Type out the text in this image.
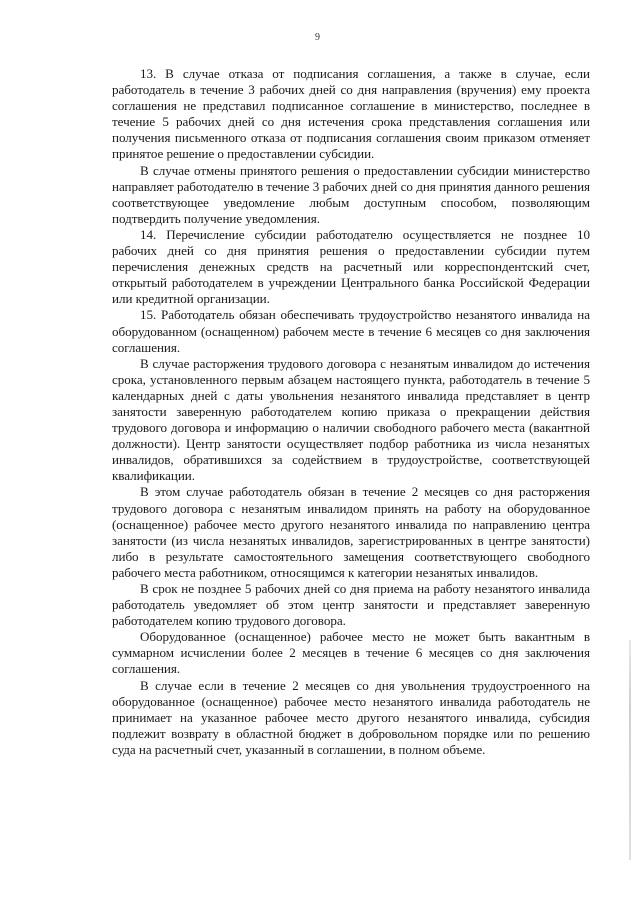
9

13. В случае отказа от подписания соглашения, а также в случае, если работодатель в течение 3 рабочих дней со дня направления (вручения) ему проекта соглашения не представил подписанное соглашение в министерство, последнее в течение 5 рабочих дней со дня истечения срока представления соглашения или получения письменного отказа от подписания соглашения своим приказом отменяет принятое решение о предоставлении субсидии.

В случае отмены принятого решения о предоставлении субсидии министерство направляет работодателю в течение 3 рабочих дней со дня принятия данного решения соответствующее уведомление любым доступным способом, позволяющим подтвердить получение уведомления.

14. Перечисление субсидии работодателю осуществляется не позднее 10 рабочих дней со дня принятия решения о предоставлении субсидии путем перечисления денежных средств на расчетный или корреспондентский счет, открытый работодателем в учреждении Центрального банка Российской Федерации или кредитной организации.

15. Работодатель обязан обеспечивать трудоустройство незанятого инвалида на оборудованном (оснащенном) рабочем месте в течение 6 месяцев со дня заключения соглашения.

В случае расторжения трудового договора с незанятым инвалидом до истечения срока, установленного первым абзацем настоящего пункта, работодатель в течение 5 календарных дней с даты увольнения незанятого инвалида представляет в центр занятости заверенную работодателем копию приказа о прекращении действия трудового договора и информацию о наличии свободного рабочего места (вакантной должности). Центр занятости осуществляет подбор работника из числа незанятых инвалидов, обратившихся за содействием в трудоустройстве, соответствующей квалификации.

В этом случае работодатель обязан в течение 2 месяцев со дня расторжения трудового договора с незанятым инвалидом принять на работу на оборудованное (оснащенное) рабочее место другого незанятого инвалида по направлению центра занятости (из числа незанятых инвалидов, зарегистрированных в центре занятости) либо в результате самостоятельного замещения соответствующего свободного рабочего места работником, относящимся к категории незанятых инвалидов.

В срок не позднее 5 рабочих дней со дня приема на работу незанятого инвалида работодатель уведомляет об этом центр занятости и представляет заверенную работодателем копию трудового договора.

Оборудованное (оснащенное) рабочее место не может быть вакантным в суммарном исчислении более 2 месяцев в течение 6 месяцев со дня заключения соглашения.

В случае если в течение 2 месяцев со дня увольнения трудоустроенного на оборудованное (оснащенное) рабочее место незанятого инвалида работодатель не принимает на указанное рабочее место другого незанятого инвалида, субсидия подлежит возврату в областной бюджет в добровольном порядке или по решению суда на расчетный счет, указанный в соглашении, в полном объеме.
